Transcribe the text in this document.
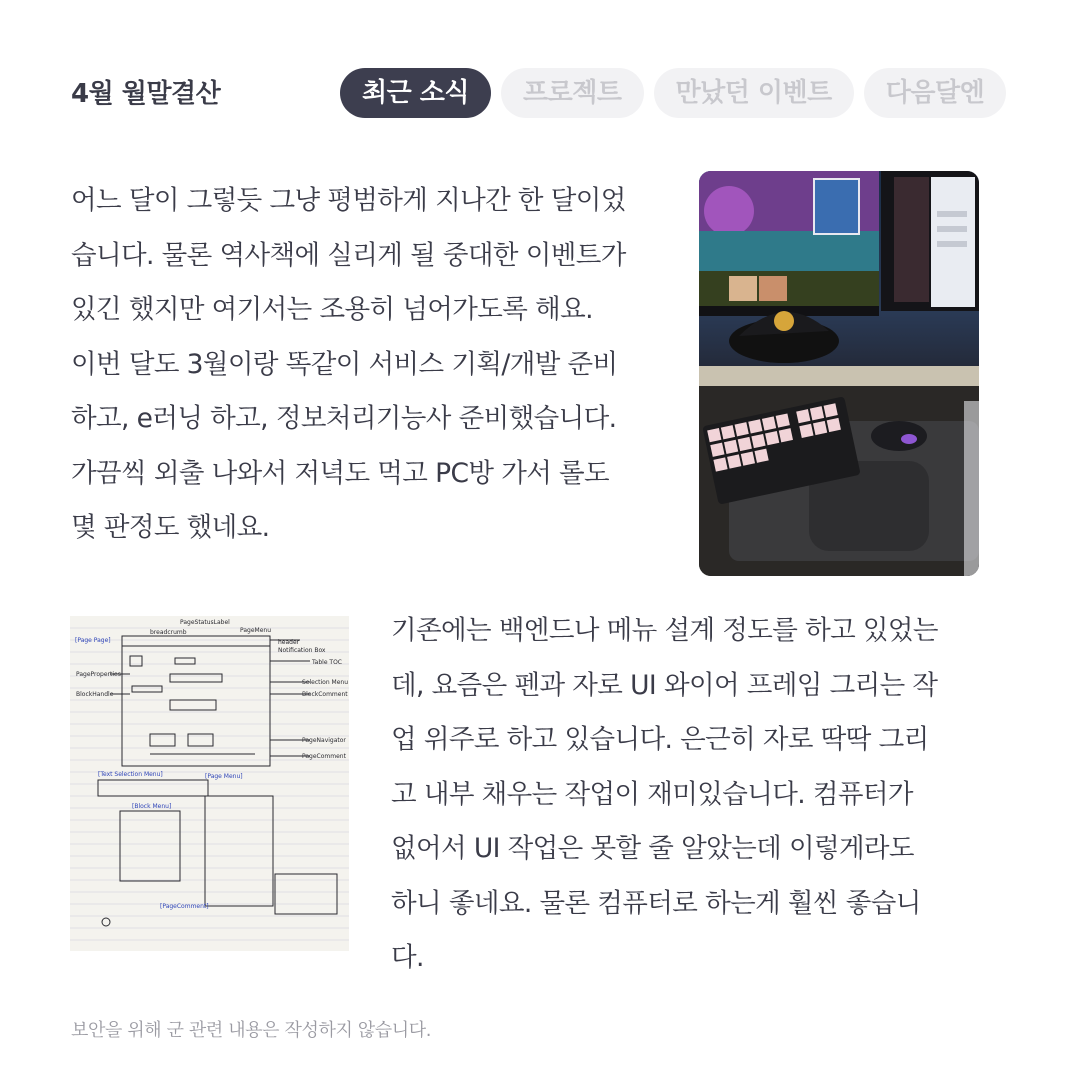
4월 월말결산	최근 소식	프로젝트	만났던 이벤트	다음달엔
어느 달이 그렇듯 그냥 평범하게 지나간 한 달이었
습니다. 물론 역사책에 실리게 될 중대한 이벤트가
있긴 했지만 여기서는 조용히 넘어가도록 해요.
이번 달도 3월이랑 똑같이 서비스 기획/개발 준비
하고, e러닝 하고, 정보처리기능사 준비했습니다.
가끔씩 외출 나와서 저녁도 먹고 PC방 가서 롤도
몇 판정도 했네요.
PageStatusLabel
breadcrumb	PageMenu
header
Notification Box
Table TOC
Selection Menu
BlockComment
PageNavigator
PageComment
PageProperties
BlockHandle
[Page Page]
[Text Selection Menu]	[Page Menu]
[Block Menu]
[PageComment]
기존에는 백엔드나 메뉴 설계 정도를 하고 있었는
데, 요즘은 펜과 자로 UI 와이어 프레임 그리는 작
업 위주로 하고 있습니다. 은근히 자로 딱딱 그리
고 내부 채우는 작업이 재미있습니다. 컴퓨터가
없어서 UI 작업은 못할 줄 알았는데 이렇게라도
하니 좋네요. 물론 컴퓨터로 하는게 훨씬 좋습니
다.
보안을 위해 군 관련 내용은 작성하지 않습니다.
